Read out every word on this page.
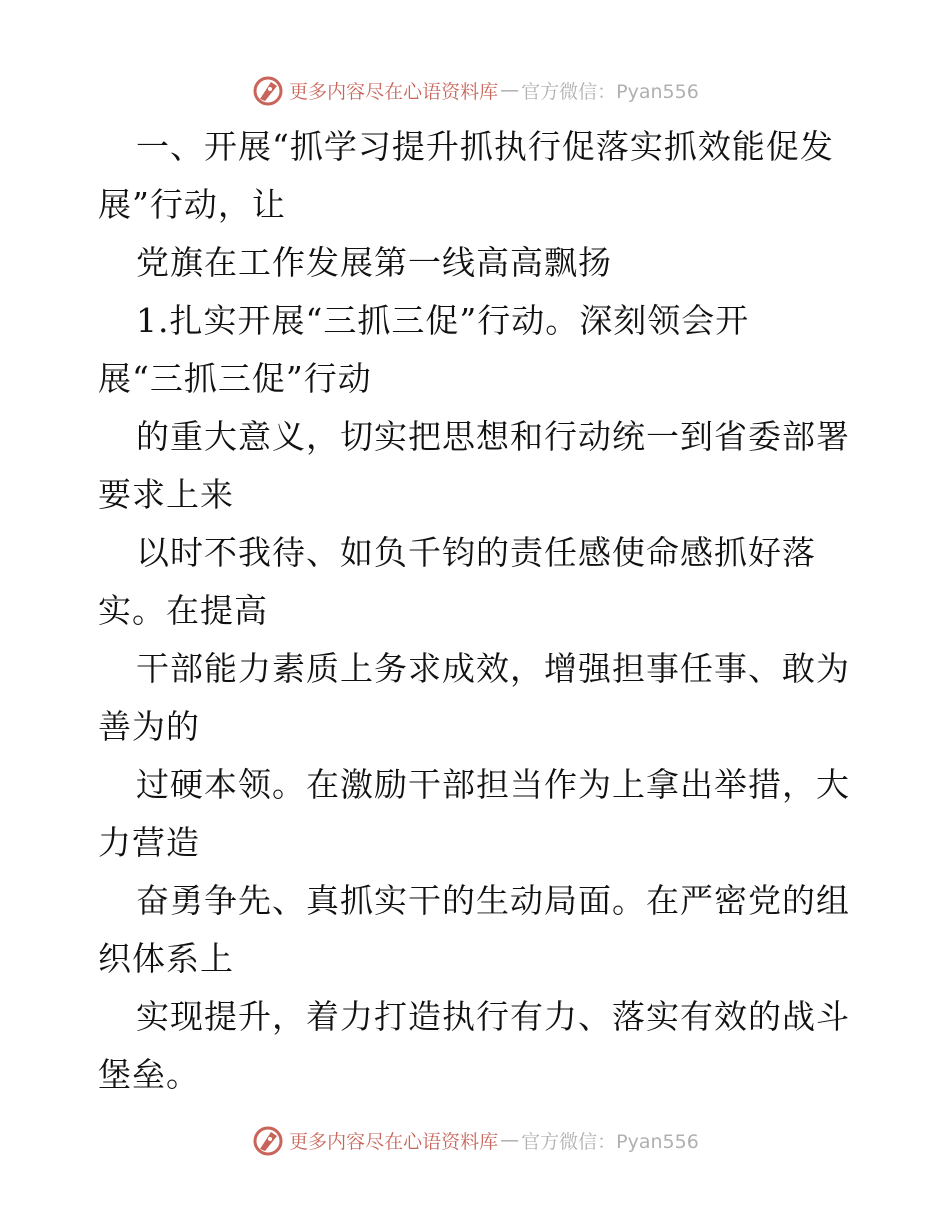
更多内容尽在心语资料库 — 官方微信：Pyan556

一、开展“抓学习提升抓执行促落实抓效能促发

展”行动，让

党旗在工作发展第一线高高飘扬

1.扎实开展“三抓三促”行动。深刻领会开

展“三抓三促”行动

的重大意义，切实把思想和行动统一到省委部署

要求上来

以时不我待、如负千钧的责任感使命感抓好落

实。在提高

干部能力素质上务求成效，增强担事任事、敢为

善为的

过硬本领。在激励干部担当作为上拿出举措，大

力营造

奋勇争先、真抓实干的生动局面。在严密党的组

织体系上

实现提升，着力打造执行有力、落实有效的战斗

堡垒。

更多内容尽在心语资料库 — 官方微信：Pyan556
